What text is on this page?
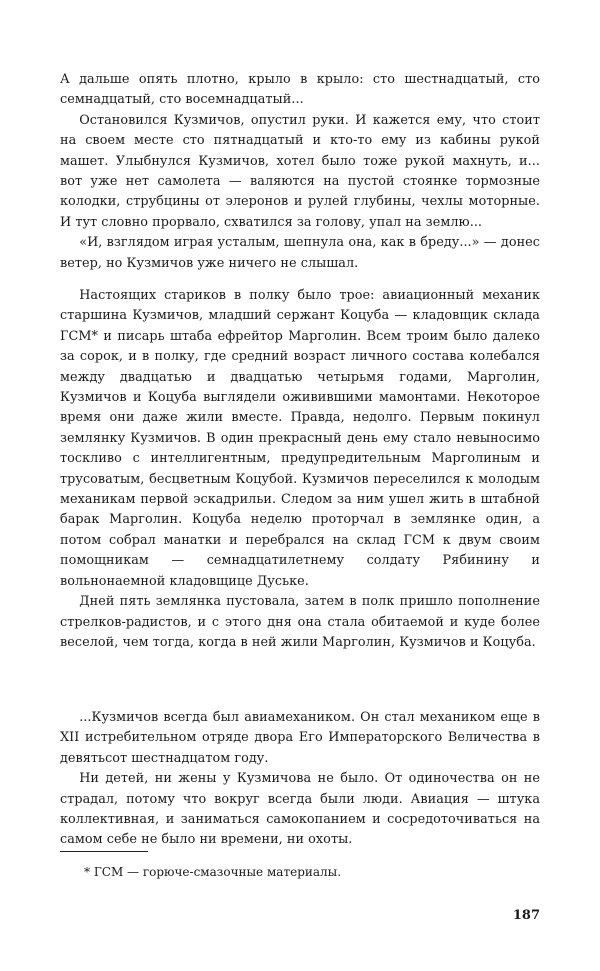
А дальше опять плотно, крыло в крыло: сто шестнадцатый, сто семнадцатый, сто восемнадцатый...

Остановился Кузмичов, опустил руки. И кажется ему, что стоит на своем месте сто пятнадцатый и кто-то ему из кабины рукой машет. Улыбнулся Кузмичов, хотел было тоже рукой махнуть, и... вот уже нет самолета — валяются на пустой стоянке тормозные колодки, струбцины от элеронов и рулей глубины, чехлы моторные. И тут словно прорвало, схватился за голову, упал на землю...

«И, взглядом играя усталым, шепнула она, как в бреду...» — донес ветер, но Кузмичов уже ничего не слышал.

Настоящих стариков в полку было трое: авиационный механик старшина Кузмичов, младший сержант Коцуба — кладовщик склада ГСМ* и писарь штаба ефрейтор Марголин. Всем троим было далеко за сорок, и в полку, где средний возраст личного состава колебался между двадцатью и двадцатью четырьмя годами, Марголин, Кузмичов и Коцуба выглядели оживившими мамонтами. Некоторое время они даже жили вместе. Правда, недолго. Первым покинул землянку Кузмичов. В один прекрасный день ему стало невыносимо тоскливо с интеллигентным, предупредительным Марголиным и трусоватым, бесцветным Коцубой. Кузмичов переселился к молодым механикам первой эскадрильи. Следом за ним ушел жить в штабной барак Марголин. Коцуба неделю проторчал в землянке один, а потом собрал манатки и перебрался на склад ГСМ к двум своим помощникам — семнадцатилетнему солдату Рябинину и вольнонаемной кладовщице Дуське.

Дней пять землянка пустовала, затем в полк пришло пополнение стрелков-радистов, и с этого дня она стала обитаемой и куде более веселой, чем тогда, когда в ней жили Марголин, Кузмичов и Коцуба.

...Кузмичов всегда был авиамехаником. Он стал механиком еще в XII истребительном отряде двора Его Императорского Величества в девятьсот шестнадцатом году.

Ни детей, ни жены у Кузмичова не было. От одиночества он не страдал, потому что вокруг всегда были люди. Авиация — штука коллективная, и заниматься самокопанием и сосредоточиваться на самом себе не было ни времени, ни охоты.

* ГСМ — горюче-смазочные материалы.

187
